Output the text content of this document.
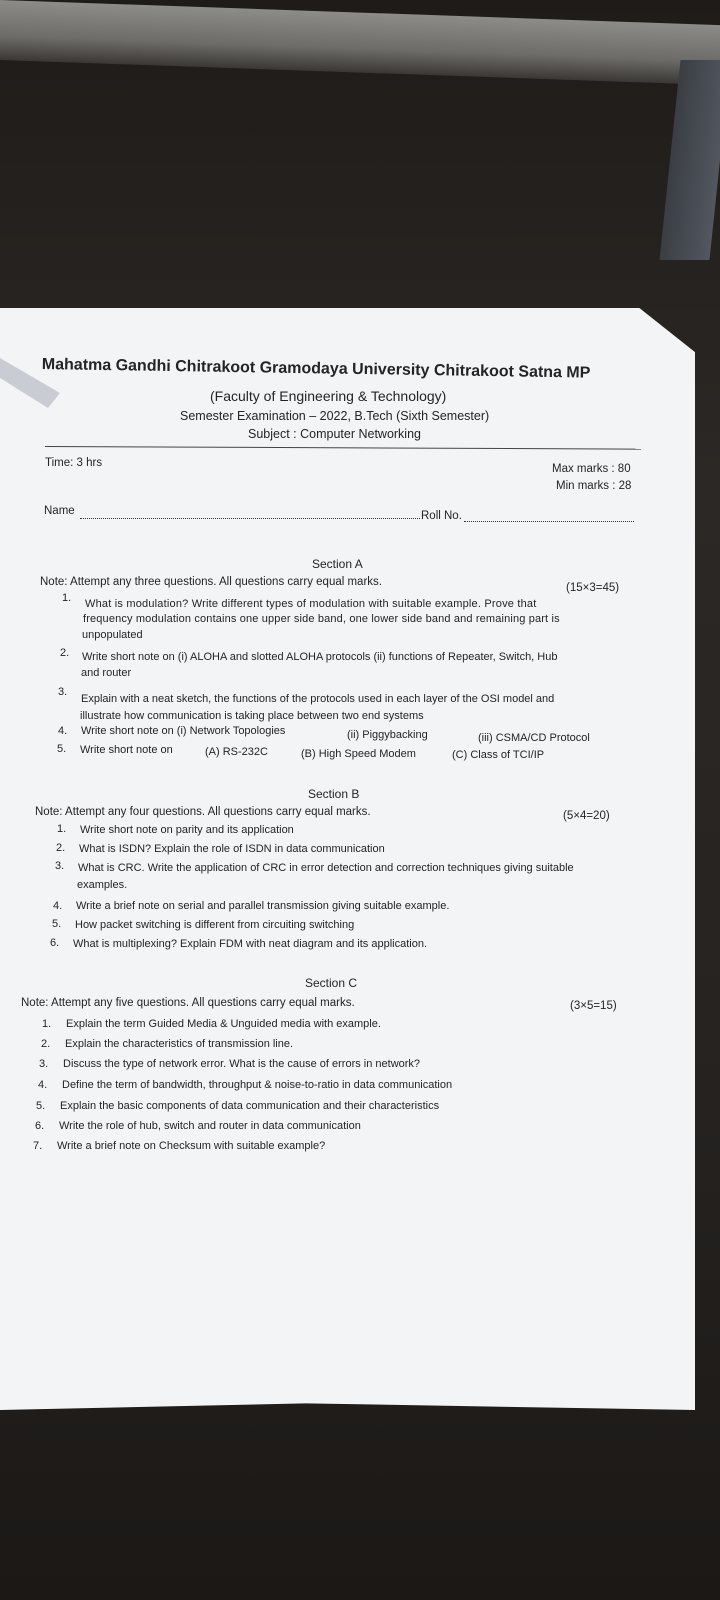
Mahatma Gandhi Chitrakoot Gramodaya University Chitrakoot Satna MP
(Faculty of Engineering & Technology)
Semester Examination – 2022, B.Tech (Sixth Semester)
Subject : Computer Networking
Time: 3 hrs	Max marks : 80
Min marks : 28
Name	Roll No.
Section A
Note: Attempt any three questions. All questions carry equal marks.	(15×3=45)
1. What is modulation? Write different types of modulation with suitable example. Prove that
frequency modulation contains one upper side band, one lower side band and remaining part is
unpopulated
2. Write short note on (i) ALOHA and slotted ALOHA protocols (ii) functions of Repeater, Switch, Hub
and router
3.
Explain with a neat sketch, the functions of the protocols used in each layer of the OSI model and
illustrate how communication is taking place between two end systems
4. Write short note on (i) Network Topologies	(ii) Piggybacking	(iii) CSMA/CD Protocol
5. Write short note on	(A) RS-232C	(B) High Speed Modem	(C) Class of TCI/IP
Section B
Note: Attempt any four questions. All questions carry equal marks.	(5×4=20)
1. Write short note on parity and its application
2. What is ISDN? Explain the role of ISDN in data communication
3. What is CRC. Write the application of CRC in error detection and correction techniques giving suitable
examples.
4. Write a brief note on serial and parallel transmission giving suitable example.
5. How packet switching is different from circuiting switching
6. What is multiplexing? Explain FDM with neat diagram and its application.
Section C
Note: Attempt any five questions. All questions carry equal marks.	(3×5=15)
1. Explain the term Guided Media & Unguided media with example.
2. Explain the characteristics of transmission line.
3. Discuss the type of network error. What is the cause of errors in network?
4. Define the term of bandwidth, throughput & noise-to-ratio in data communication
5. Explain the basic components of data communication and their characteristics
6. Write the role of hub, switch and router in data communication
7. Write a brief note on Checksum with suitable example?
